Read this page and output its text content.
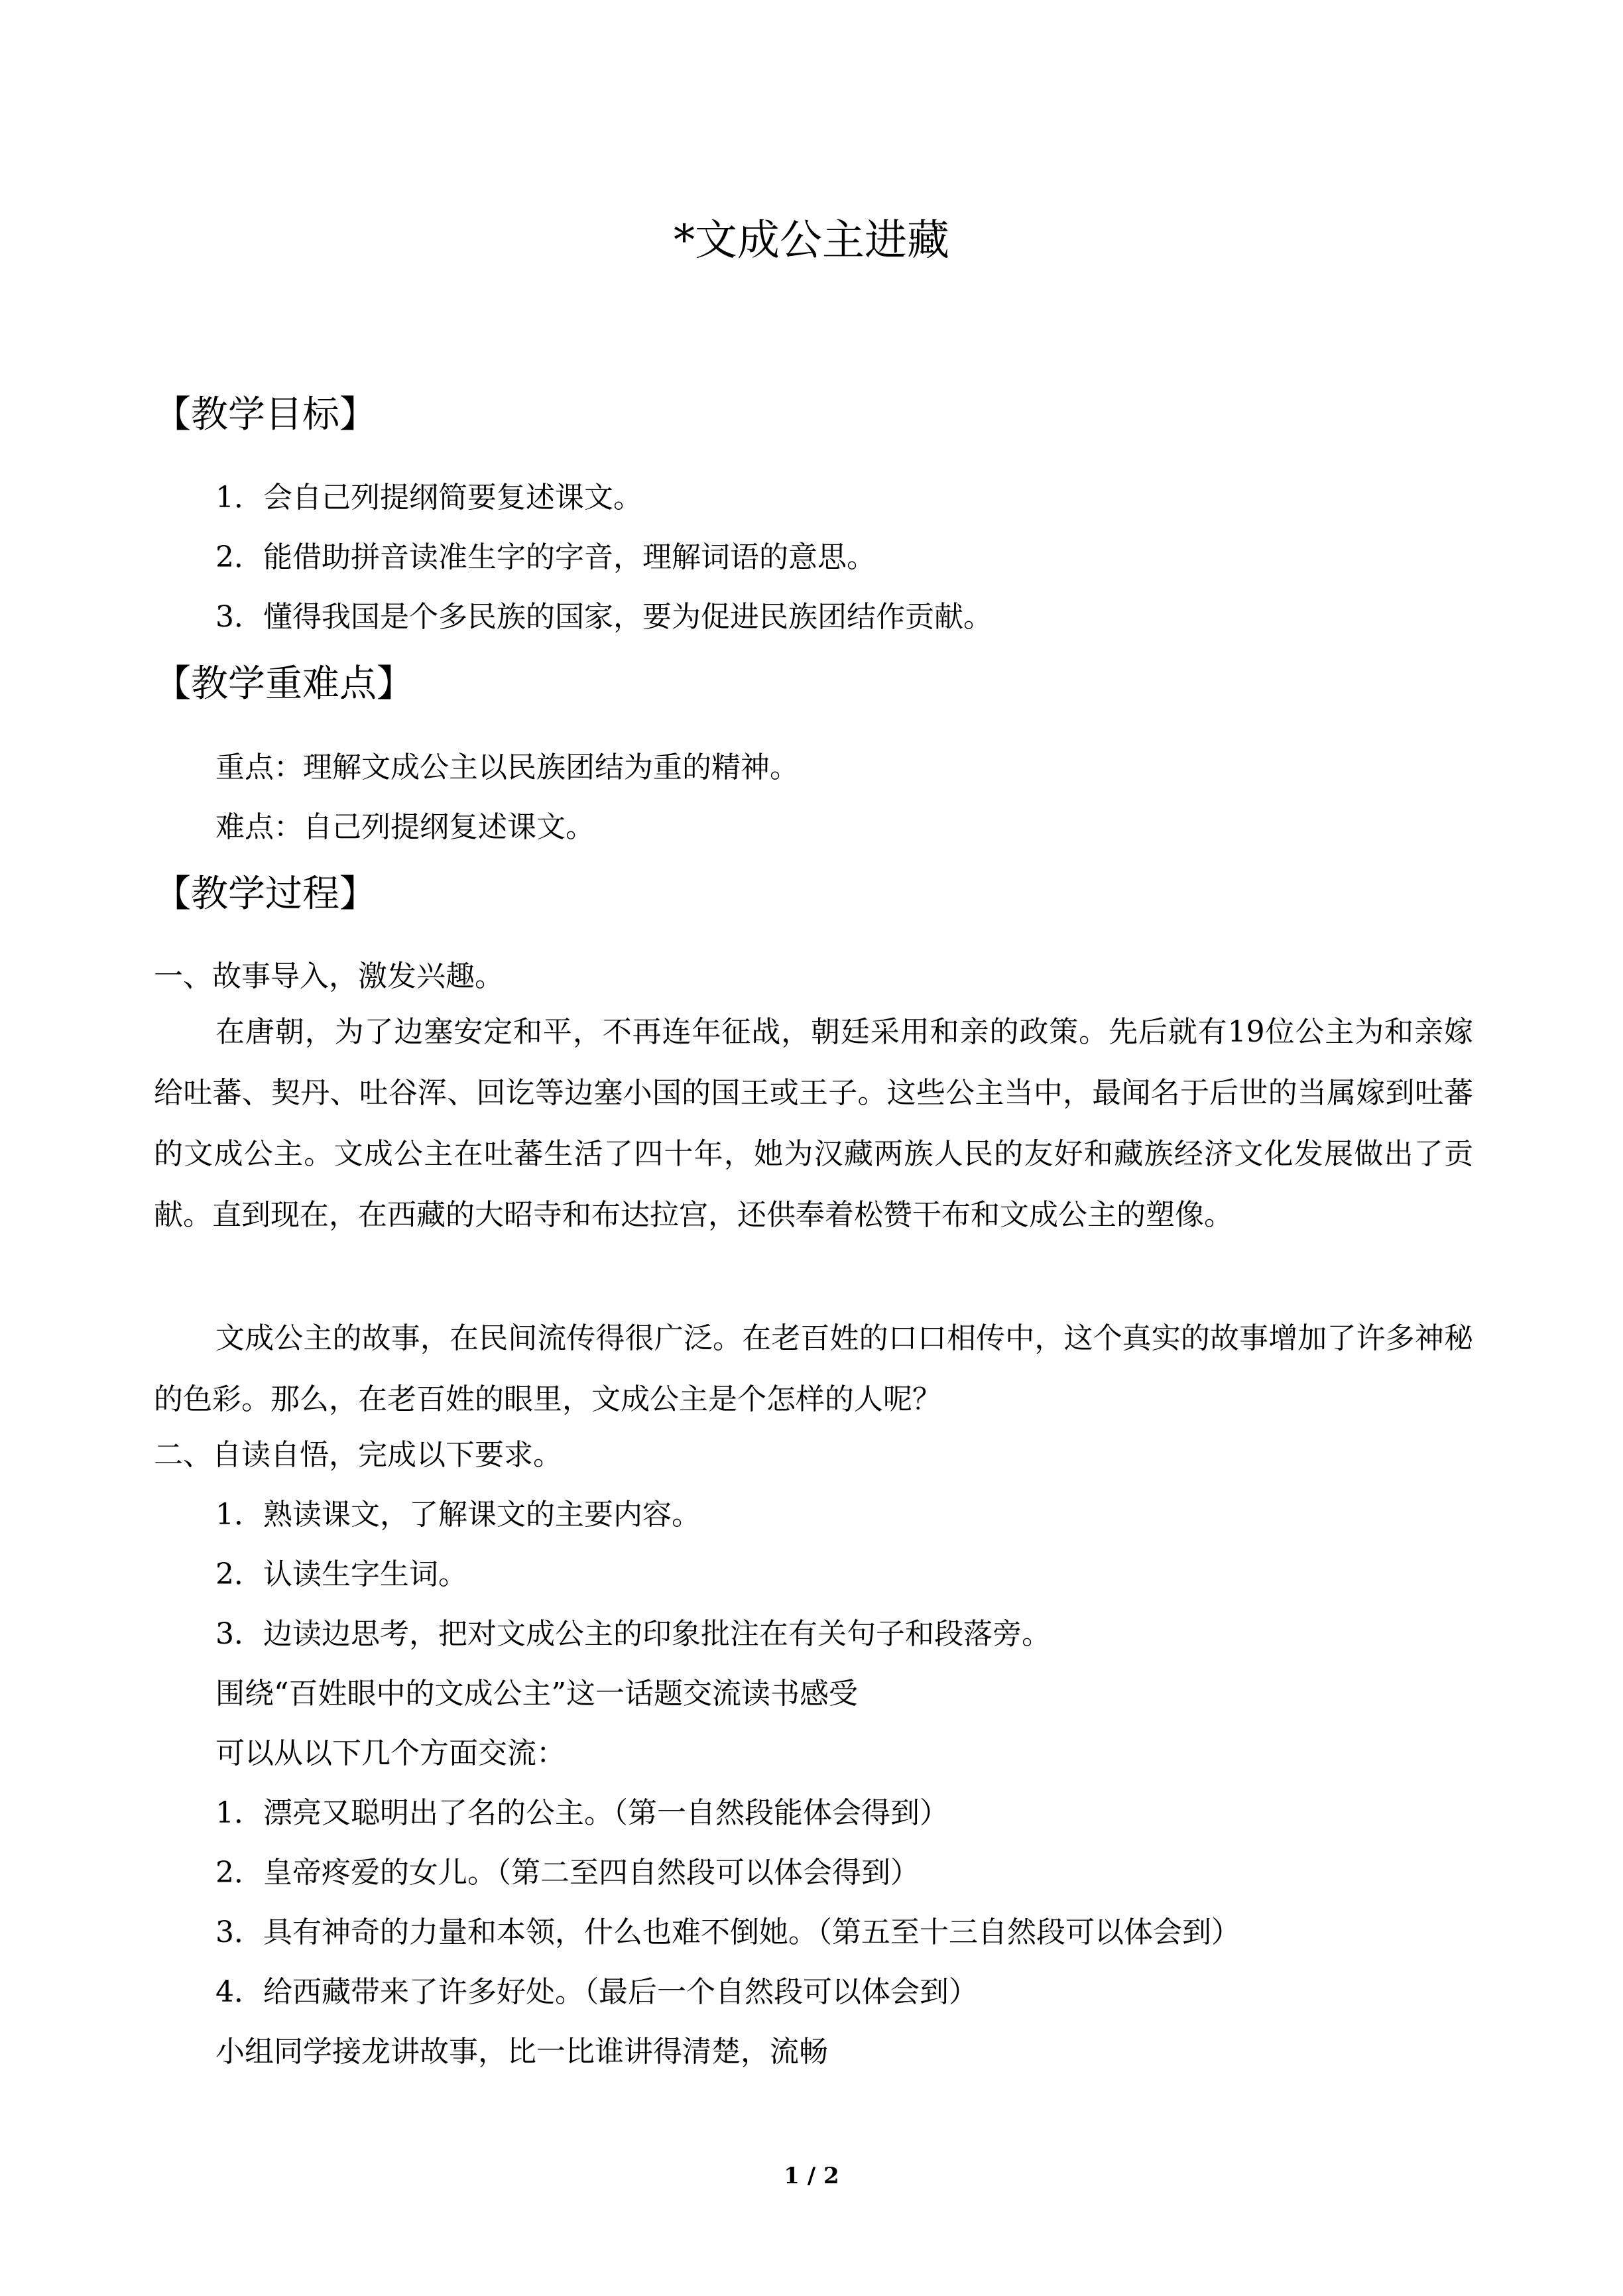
*文成公主进藏
【教学目标】

1．会自己列提纲简要复述课文。

2．能借助拼音读准生字的字音，理解词语的意思。

3．懂得我国是个多民族的国家，要为促进民族团结作贡献。

【教学重难点】

重点：理解文成公主以民族团结为重的精神。

难点：自己列提纲复述课文。

【教学过程】

一、故事导入，激发兴趣。

在唐朝，为了边塞安定和平，不再连年征战，朝廷采用和亲的政策。先后就有19位公主为和亲嫁给吐蕃、契丹、吐谷浑、回讫等边塞小国的国王或王子。这些公主当中，最闻名于后世的当属嫁到吐蕃的文成公主。文成公主在吐蕃生活了四十年，她为汉藏两族人民的友好和藏族经济文化发展做出了贡献。直到现在，在西藏的大昭寺和布达拉宫，还供奉着松赞干布和文成公主的塑像。

文成公主的故事，在民间流传得很广泛。在老百姓的口口相传中，这个真实的故事增加了许多神秘的色彩。那么，在老百姓的眼里，文成公主是个怎样的人呢？

二、自读自悟，完成以下要求。

1．熟读课文，了解课文的主要内容。

2．认读生字生词。

3．边读边思考，把对文成公主的印象批注在有关句子和段落旁。

围绕“百姓眼中的文成公主”这一话题交流读书感受

可以从以下几个方面交流：

1．漂亮又聪明出了名的公主。（第一自然段能体会得到）

2．皇帝疼爱的女儿。（第二至四自然段可以体会得到）

3．具有神奇的力量和本领，什么也难不倒她。（第五至十三自然段可以体会到）

4．给西藏带来了许多好处。（最后一个自然段可以体会到）

小组同学接龙讲故事，比一比谁讲得清楚，流畅

1 / 2
